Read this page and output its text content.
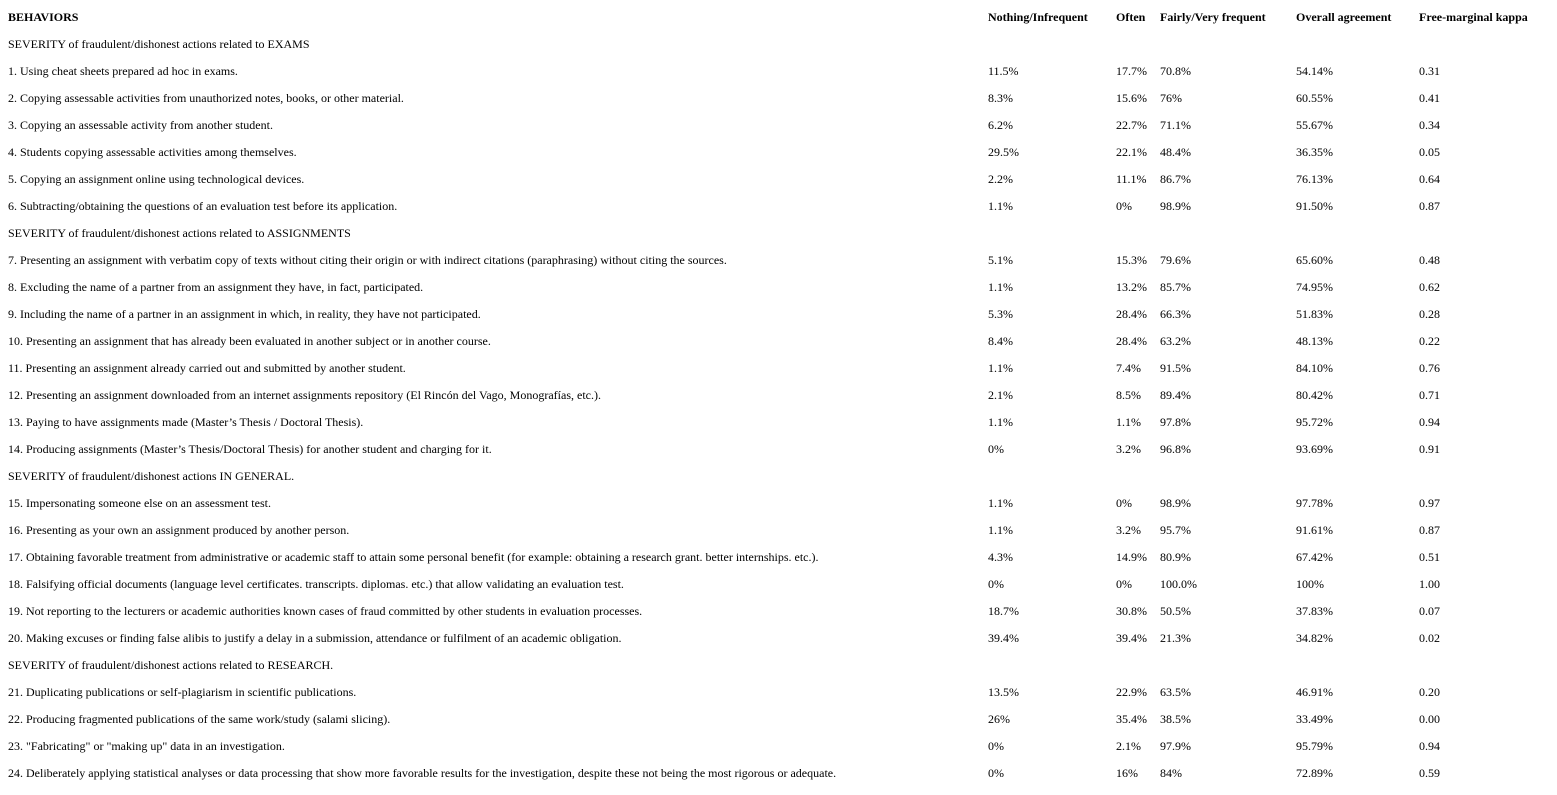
BEHAVIORS	Nothing/Infrequent	Often	Fairly/Very frequent	Overall agreement	Free-marginal kappa
SEVERITY of fraudulent/dishonest actions related to EXAMS					
1. Using cheat sheets prepared ad hoc in exams.	11.5%	17.7%	70.8%	54.14%	0.31
2. Copying assessable activities from unauthorized notes, books, or other material.	8.3%	15.6%	76%	60.55%	0.41
3. Copying an assessable activity from another student.	6.2%	22.7%	71.1%	55.67%	0.34
4. Students copying assessable activities among themselves.	29.5%	22.1%	48.4%	36.35%	0.05
5. Copying an assignment online using technological devices.	2.2%	11.1%	86.7%	76.13%	0.64
6. Subtracting/obtaining the questions of an evaluation test before its application.	1.1%	0%	98.9%	91.50%	0.87
SEVERITY of fraudulent/dishonest actions related to ASSIGNMENTS					
7. Presenting an assignment with verbatim copy of texts without citing their origin or with indirect citations (paraphrasing) without citing the sources.	5.1%	15.3%	79.6%	65.60%	0.48
8. Excluding the name of a partner from an assignment they have, in fact, participated.	1.1%	13.2%	85.7%	74.95%	0.62
9. Including the name of a partner in an assignment in which, in reality, they have not participated.	5.3%	28.4%	66.3%	51.83%	0.28
10. Presenting an assignment that has already been evaluated in another subject or in another course.	8.4%	28.4%	63.2%	48.13%	0.22
11. Presenting an assignment already carried out and submitted by another student.	1.1%	7.4%	91.5%	84.10%	0.76
12. Presenting an assignment downloaded from an internet assignments repository (El Rincón del Vago, Monografías, etc.).	2.1%	8.5%	89.4%	80.42%	0.71
13. Paying to have assignments made (Master’s Thesis / Doctoral Thesis).	1.1%	1.1%	97.8%	95.72%	0.94
14. Producing assignments (Master’s Thesis/Doctoral Thesis) for another student and charging for it.	0%	3.2%	96.8%	93.69%	0.91
SEVERITY of fraudulent/dishonest actions IN GENERAL.					
15. Impersonating someone else on an assessment test.	1.1%	0%	98.9%	97.78%	0.97
16. Presenting as your own an assignment produced by another person.	1.1%	3.2%	95.7%	91.61%	0.87
17. Obtaining favorable treatment from administrative or academic staff to attain some personal benefit (for example: obtaining a research grant. better internships. etc.).	4.3%	14.9%	80.9%	67.42%	0.51
18. Falsifying official documents (language level certificates. transcripts. diplomas. etc.) that allow validating an evaluation test.	0%	0%	100.0%	100%	1.00
19. Not reporting to the lecturers or academic authorities known cases of fraud committed by other students in evaluation processes.	18.7%	30.8%	50.5%	37.83%	0.07
20. Making excuses or finding false alibis to justify a delay in a submission, attendance or fulfilment of an academic obligation.	39.4%	39.4%	21.3%	34.82%	0.02
SEVERITY of fraudulent/dishonest actions related to RESEARCH.					
21. Duplicating publications or self-plagiarism in scientific publications.	13.5%	22.9%	63.5%	46.91%	0.20
22. Producing fragmented publications of the same work/study (salami slicing).	26%	35.4%	38.5%	33.49%	0.00
23. "Fabricating" or "making up" data in an investigation.	0%	2.1%	97.9%	95.79%	0.94
24. Deliberately applying statistical analyses or data processing that show more favorable results for the investigation, despite these not being the most rigorous or adequate.	0%	16%	84%	72.89%	0.59
